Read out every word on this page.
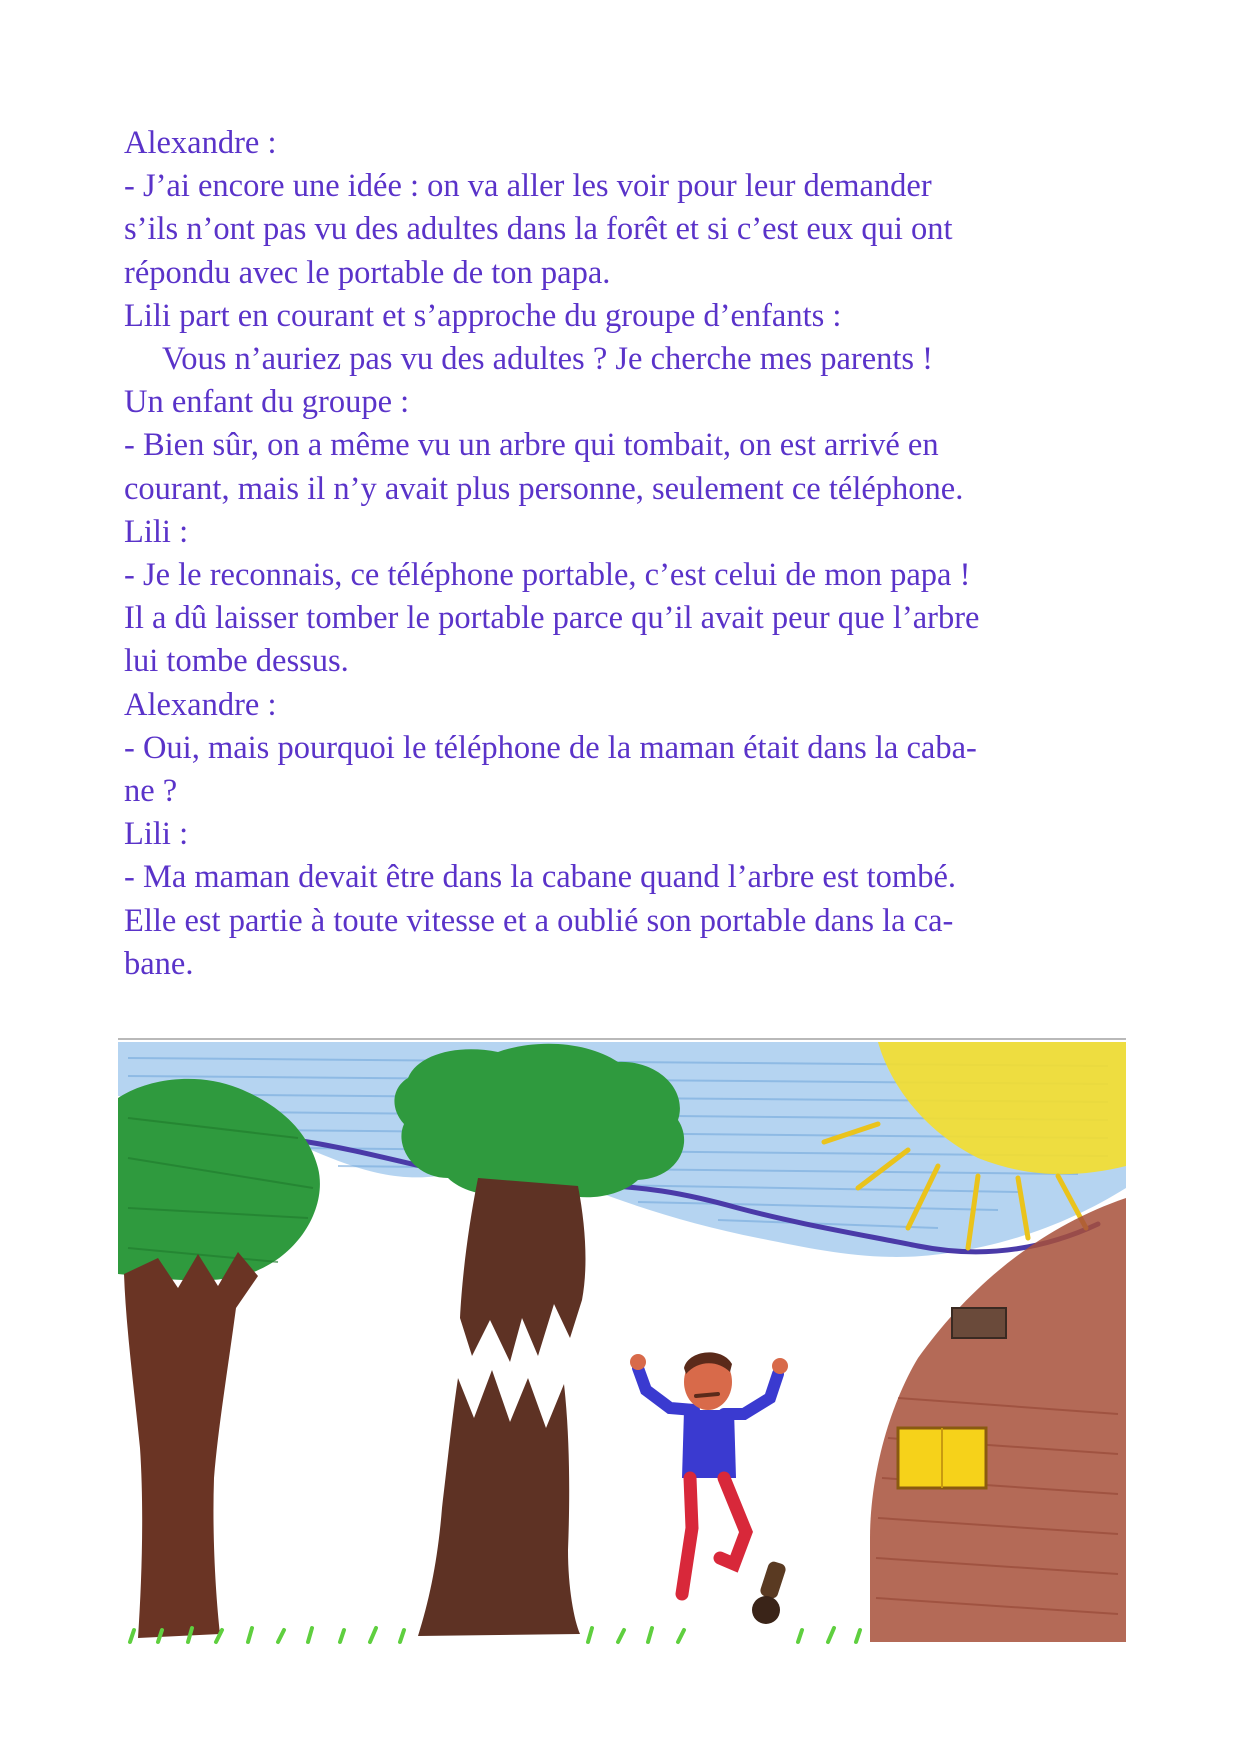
Alexandre :
- J’ai encore une idée : on va aller les voir pour leur demander
s’ils n’ont pas vu des adultes dans la forêt et si c’est eux qui ont
répondu avec le portable de ton papa.
Lili part en courant et s’approche du groupe d’enfants :
Vous n’auriez pas vu des adultes ? Je cherche mes parents !
Un enfant du groupe :
- Bien sûr, on a même vu un arbre qui tombait, on est arrivé en
courant, mais il n’y avait plus personne, seulement ce téléphone.
Lili :
- Je le reconnais, ce téléphone portable, c’est celui de mon papa !
Il a dû laisser tomber le portable parce qu’il avait peur que l’arbre
lui tombe dessus.
Alexandre :
- Oui, mais pourquoi le téléphone de la maman était dans la caba-
ne ?
Lili :
- Ma maman devait être dans la cabane quand l’arbre est tombé.
Elle est partie à toute vitesse et a oublié son portable dans la ca-
bane.
